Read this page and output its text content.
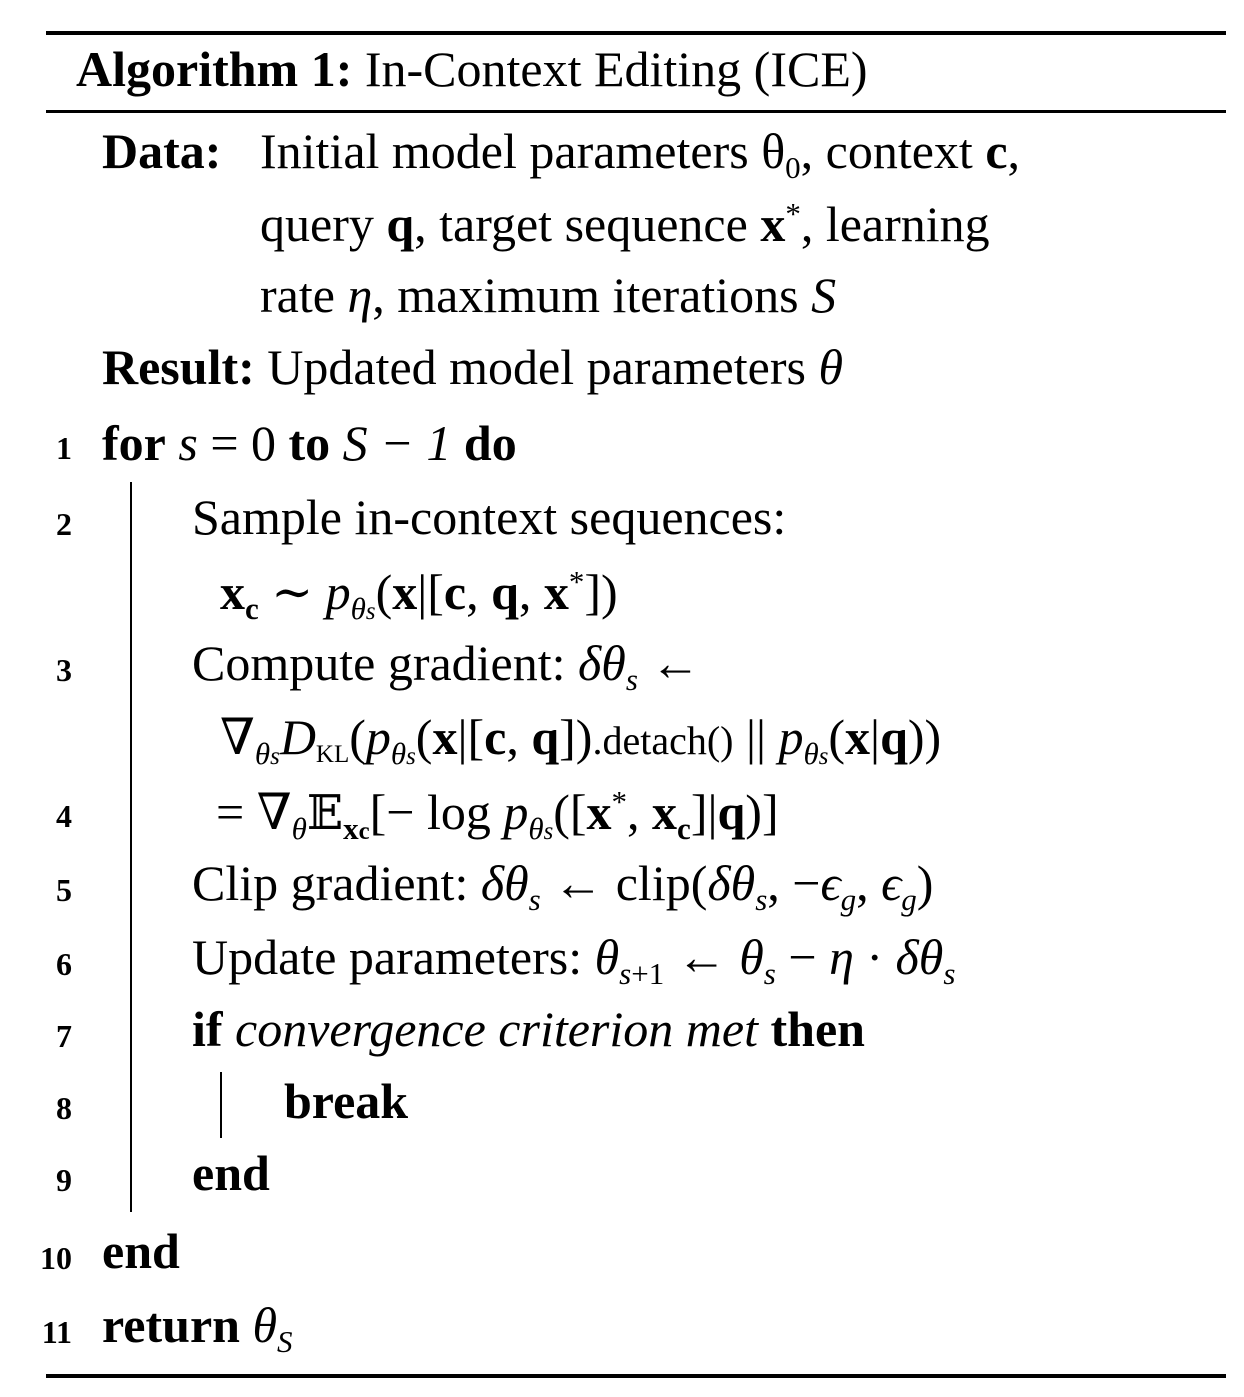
Algorithm 1: In-Context Editing (ICE)
Data: Initial model parameters $\theta_0$, context c,
query q, target sequence x*, learning
rate η, maximum iterations S
Result: Updated model parameters θ
1 for s = 0 to S − 1 do
2 Sample in-context sequences:
$x_c$ ∼ $p_{\theta s}(x|[c$, q, x*])
3 Compute gradient: $\delta\theta_s$ ←
$\nabla_{\theta s}D_{KL}(p_{\theta s}(x|[c$, q]).detach() || $p_{\theta s}(x|q)$)
4	= $\nabla_\theta 𝔼_{xc}[- \log p_{\theta s}([x^*$, $x_c]|q$)]
5 Clip gradient: $\delta\theta_s$ ← $clip(\delta\theta_s$, $-\epsilon_g$, $\epsilon_g$)
6 Update parameters: $\theta_{s+1}$ ← $\theta_s - \eta \cdot \delta\theta_s$
7 if convergence criterion met then
8	break
9 end
10 end
11 return $\theta_S$
